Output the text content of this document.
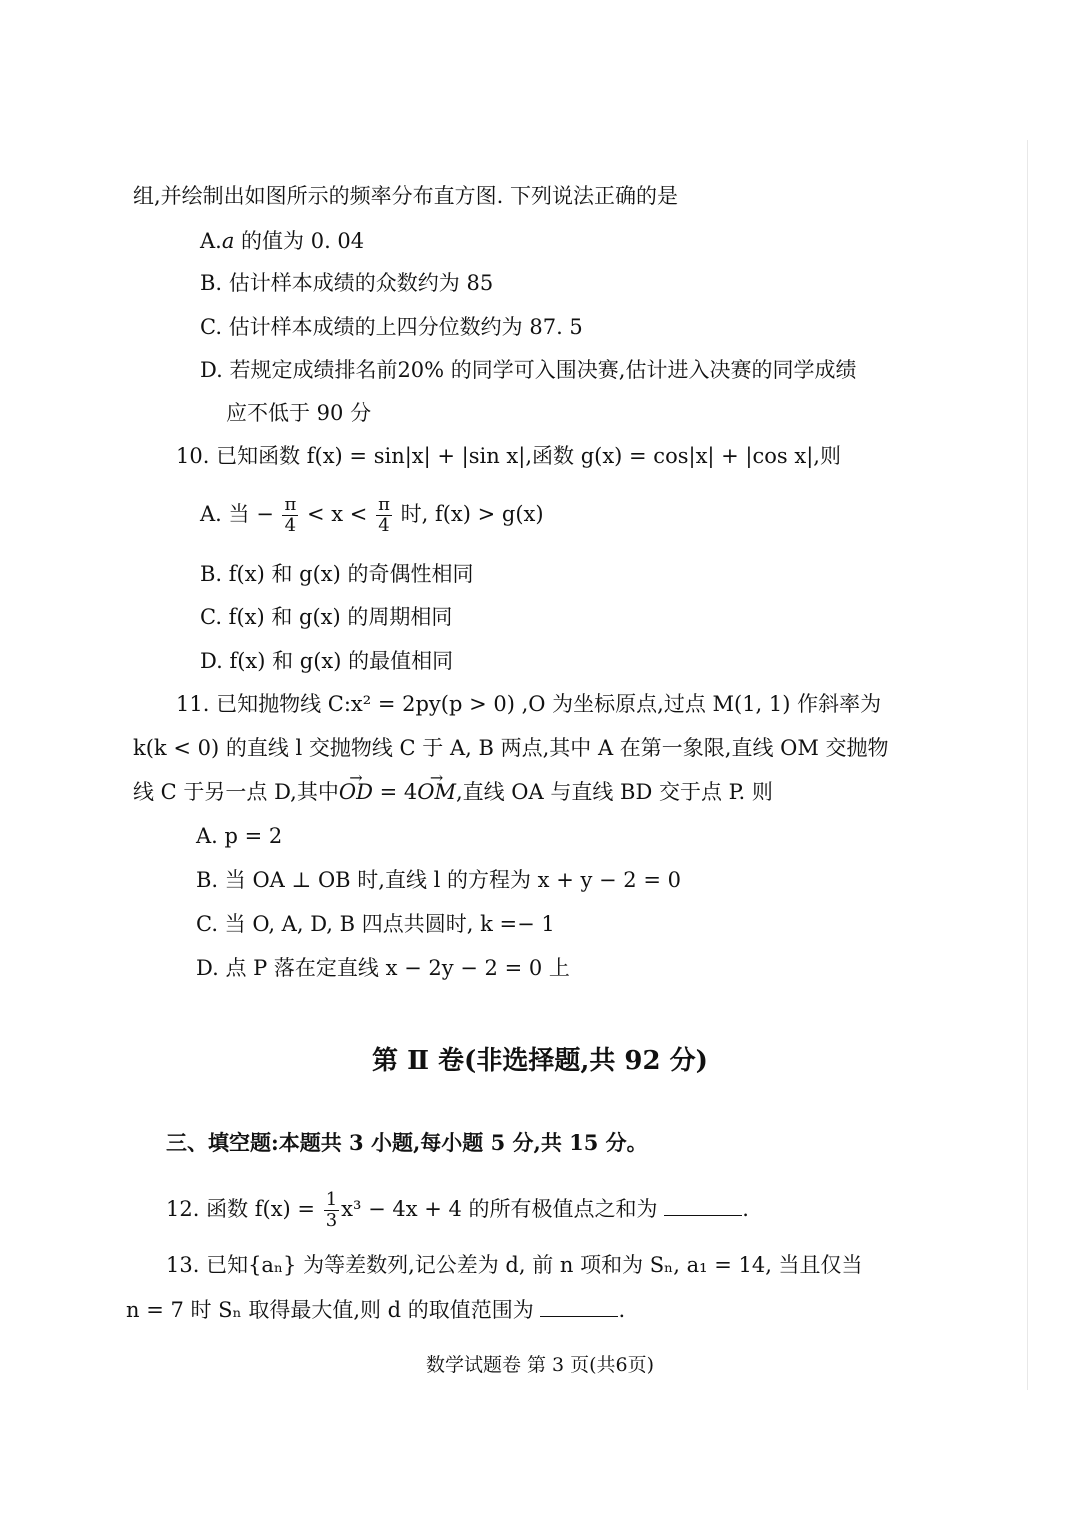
组,并绘制出如图所示的频率分布直方图. 下列说法正确的是
A.a 的值为 0. 04
B. 估计样本成绩的众数约为 85
C. 估计样本成绩的上四分位数约为 87. 5
D. 若规定成绩排名前20% 的同学可入围决赛,估计进入决赛的同学成绩
应不低于 90 分
10. 已知函数 f(x) = sin|x| + |sin x|,函数 g(x) = cos|x| + |cos x|,则
A. 当 − $\frac{\pi}{4} < x < \frac{\pi}{4}$ 时, f(x) > g(x)
B. f(x) 和 g(x) 的奇偶性相同
C. f(x) 和 g(x) 的周期相同
D. f(x) 和 g(x) 的最值相同
11. 已知抛物线 C:x² = 2py(p > 0) ,O 为坐标原点,过点 M(1, 1) 作斜率为
k(k < 0) 的直线 l 交抛物线 C 于 A, B 两点,其中 A 在第一象限,直线 OM 交抛物
线 C 于另一点 D,其中→ OD = 4→ OM,直线 OA 与直线 BD 交于点 P. 则
A. p = 2
B. 当 OA ⊥ OB 时,直线 l 的方程为 x + y − 2 = 0
C. 当 O, A, D, B 四点共圆时, k =− 1
D. 点 P 落在定直线 x − 2y − 2 = 0 上
第 Ⅱ 卷(非选择题,共 92 分)
三、填空题:本题共 3 小题,每小题 5 分,共 15 分。
12. 函数 $f(x) = \frac{1}{3} x^3 - 4x + 4$ 的所有极值点之和为	.
13. 已知{aₙ} 为等差数列,记公差为 d, 前 n 项和为 Sₙ, a₁ = 14, 当且仅当
n = 7 时 Sₙ 取得最大值,则 d 的取值范围为	.
数学试题卷 第 3 页(共6页)
